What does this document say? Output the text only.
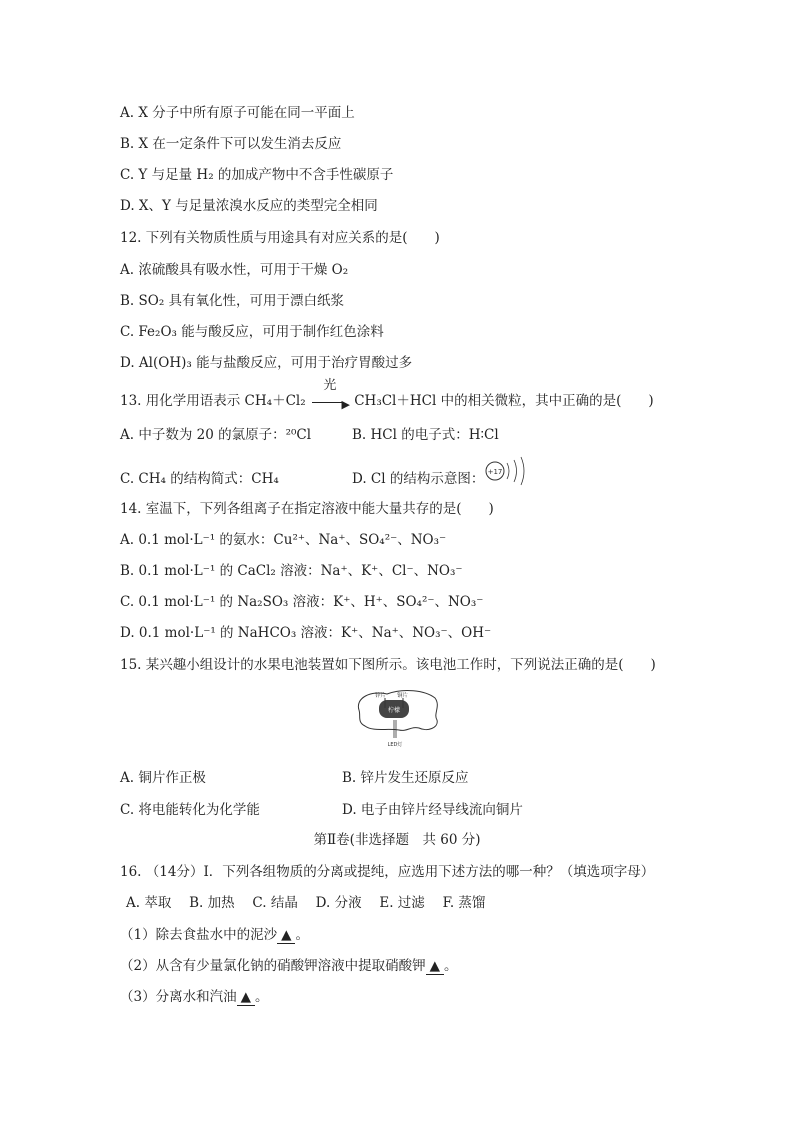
A. X 分子中所有原子可能在同一平面上
B. X 在一定条件下可以发生消去反应
C. Y 与足量 H₂ 的加成产物中不含手性碳原子
D. X、Y 与足量浓溴水反应的类型完全相同
12. 下列有关物质性质与用途具有对应关系的是(　　)
A. 浓硫酸具有吸水性，可用于干燥 O₂
B. SO₂ 具有氧化性，可用于漂白纸浆
C. Fe₂O₃ 能与酸反应，可用于制作红色涂料
D. Al(OH)₃ 能与盐酸反应，可用于治疗胃酸过多
13. 用化学用语表示 CH₄＋Cl₂
光
▶ CH₃Cl＋HCl 中的相关微粒，其中正确的是(　　)
A. 中子数为 20 的氯原子：²⁰Cl	B. HCl 的电子式：H∶Cl
C. CH₄ 的结构简式：CH₄	D. Cl 的结构示意图： +17
14. 室温下，下列各组离子在指定溶液中能大量共存的是(　　)
A. 0.1 mol·L⁻¹ 的氨水：Cu²⁺、Na⁺、SO₄²⁻、NO₃⁻
B. 0.1 mol·L⁻¹ 的 CaCl₂ 溶液：Na⁺、K⁺、Cl⁻、NO₃⁻
C. 0.1 mol·L⁻¹ 的 Na₂SO₃ 溶液：K⁺、H⁺、SO₄²⁻、NO₃⁻
D. 0.1 mol·L⁻¹ 的 NaHCO₃ 溶液：K⁺、Na⁺、NO₃⁻、OH⁻
15. 某兴趣小组设计的水果电池装置如下图所示。该电池工作时，下列说法正确的是(　　)
柠檬
锌片 铜片
LED灯
A. 铜片作正极	B. 锌片发生还原反应
C. 将电能转化为化学能	D. 电子由锌片经导线流向铜片
第Ⅱ卷(非选择题　共 60 分)
16. （14分）Ⅰ．下列各组物质的分离或提纯，应选用下述方法的哪一种？（填选项字母）
A. 萃取　 B. 加热　 C. 结晶　 D. 分液　 E. 过滤　 F. 蒸馏
（1）除去食盐水中的泥沙 ▲ 。
（2）从含有少量氯化钠的硝酸钾溶液中提取硝酸钾 ▲ 。
（3）分离水和汽油 ▲ 。
